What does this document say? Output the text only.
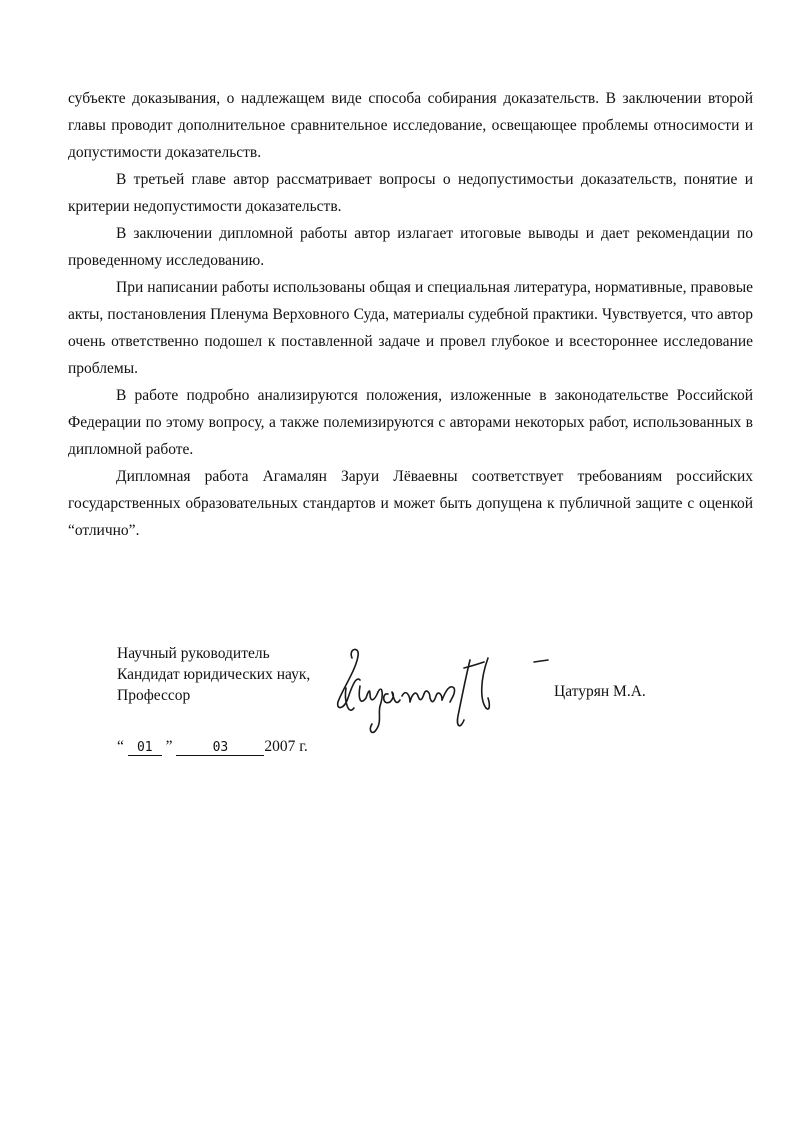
субъекте доказывания, о надлежащем виде способа собирания доказательств. В заключении второй главы проводит дополнительное сравнительное исследование, освещающее проблемы относимости и допустимости доказательств.

В третьей главе автор рассматривает вопросы о недопустимостьи доказательств, понятие и критерии недопустимости доказательств.

В заключении дипломной работы автор излагает итоговые выводы и дает рекомендации по проведенному исследованию.

При написании работы использованы общая и специальная литература, нормативные, правовые акты, постановления Пленума Верховного Суда, материалы судебной практики. Чувствуется, что автор очень ответственно подошел к поставленной задаче и провел глубокое и всестороннее исследование проблемы.

В работе подробно анализируются положения, изложенные в законодательстве Российской Федерации по этому вопросу, а также полемизируются с авторами некоторых работ, использованных в дипломной работе.

Дипломная работа Агамалян Заруи Лёваевны соответствует требованиям российских государственных образовательных стандартов и может быть допущена к публичной защите с оценкой “отлично”.

Научный руководитель
Кандидат юридических наук,
Профессор	Цатурян М.А.
“ 01 ”	03 2007 г.
